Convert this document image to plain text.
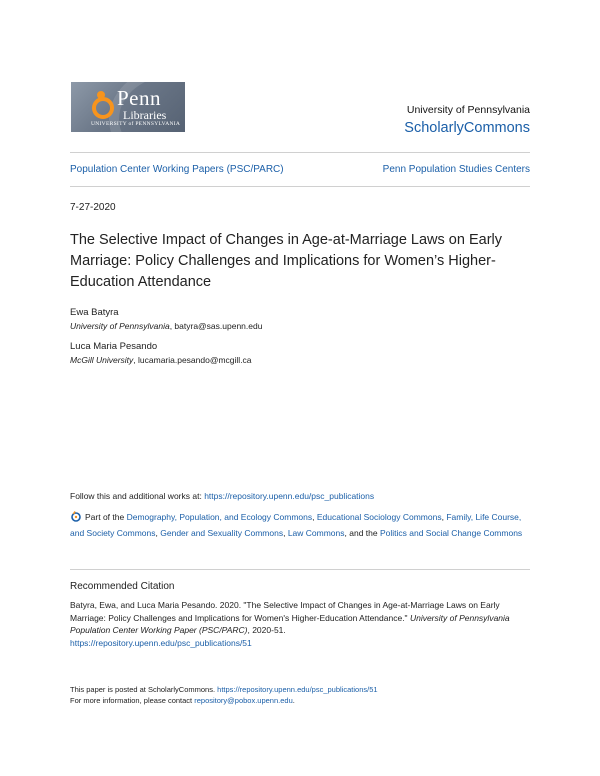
Penn
Libraries
UNIVERSITY of PENNSYLVANIA
University of Pennsylvania
ScholarlyCommons
Population Center Working Papers (PSC/PARC)	Penn Population Studies Centers
7-27-2020
The Selective Impact of Changes in Age-at-Marriage Laws on Early Marriage: Policy Challenges and Implications for Women’s Higher-Education Attendance
Ewa Batyra
University of Pennsylvania, batyra@sas.upenn.edu
Luca Maria Pesando
McGill University, lucamaria.pesando@mcgill.ca
Follow this and additional works at: https://repository.upenn.edu/psc_publications
Part of the Demography, Population, and Ecology Commons, Educational Sociology Commons, Family, Life Course, and Society Commons, Gender and Sexuality Commons, Law Commons, and the Politics and Social Change Commons
Recommended Citation
Batyra, Ewa, and Luca Maria Pesando. 2020. "The Selective Impact of Changes in Age-at-Marriage Laws on Early Marriage: Policy Challenges and Implications for Women's Higher-Education Attendance." University of Pennsylvania Population Center Working Paper (PSC/PARC), 2020-51.
https://repository.upenn.edu/psc_publications/51
This paper is posted at ScholarlyCommons. https://repository.upenn.edu/psc_publications/51
For more information, please contact repository@pobox.upenn.edu.
